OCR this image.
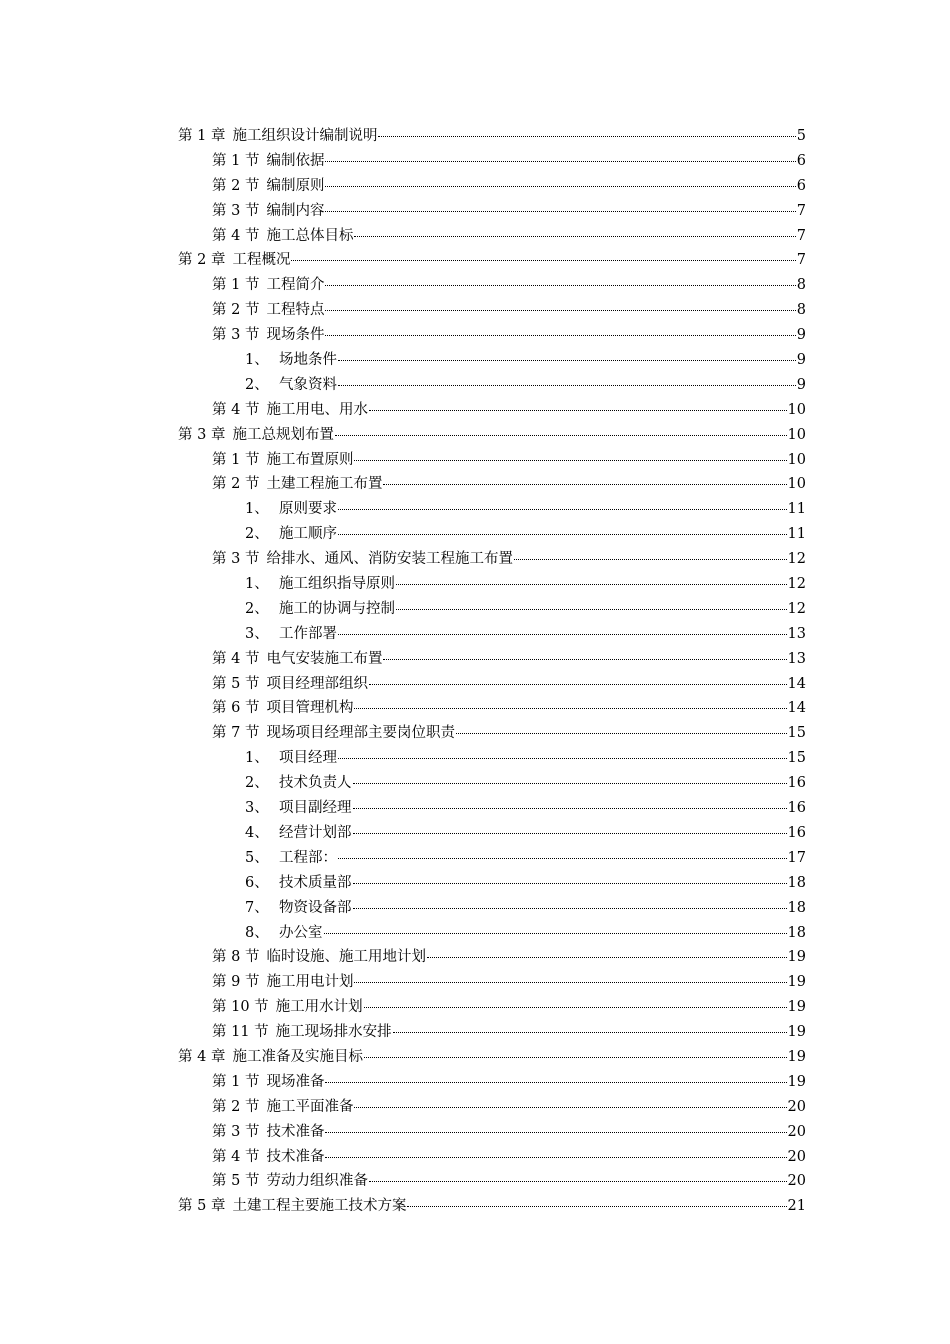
第 1 章 施工组织设计编制说明	5
第 1 节 编制依据	6
第 2 节 编制原则	6
第 3 节 编制内容	7
第 4 节 施工总体目标	7
第 2 章 工程概况	7
第 1 节 工程简介	8
第 2 节 工程特点	8
第 3 节 现场条件	9
1、 场地条件	9
2、 气象资料	9
第 4 节 施工用电、用水	10
第 3 章 施工总规划布置	10
第 1 节 施工布置原则	10
第 2 节 土建工程施工布置	10
1、 原则要求	11
2、 施工顺序	11
第 3 节 给排水、通风、消防安装工程施工布置	12
1、 施工组织指导原则	12
2、 施工的协调与控制	12
3、 工作部署	13
第 4 节 电气安装施工布置	13
第 5 节 项目经理部组织	14
第 6 节 项目管理机构	14
第 7 节 现场项目经理部主要岗位职责	15
1、 项目经理	15
2、 技术负责人	16
3、 项目副经理	16
4、 经营计划部	16
5、 工程部：	17
6、 技术质量部	18
7、 物资设备部	18
8、 办公室	18
第 8 节 临时设施、施工用地计划	19
第 9 节 施工用电计划	19
第 10 节 施工用水计划	19
第 11 节 施工现场排水安排	19
第 4 章 施工准备及实施目标	19
第 1 节 现场准备	19
第 2 节 施工平面准备	20
第 3 节 技术准备	20
第 4 节 技术准备	20
第 5 节 劳动力组织准备	20
第 5 章 土建工程主要施工技术方案	21
